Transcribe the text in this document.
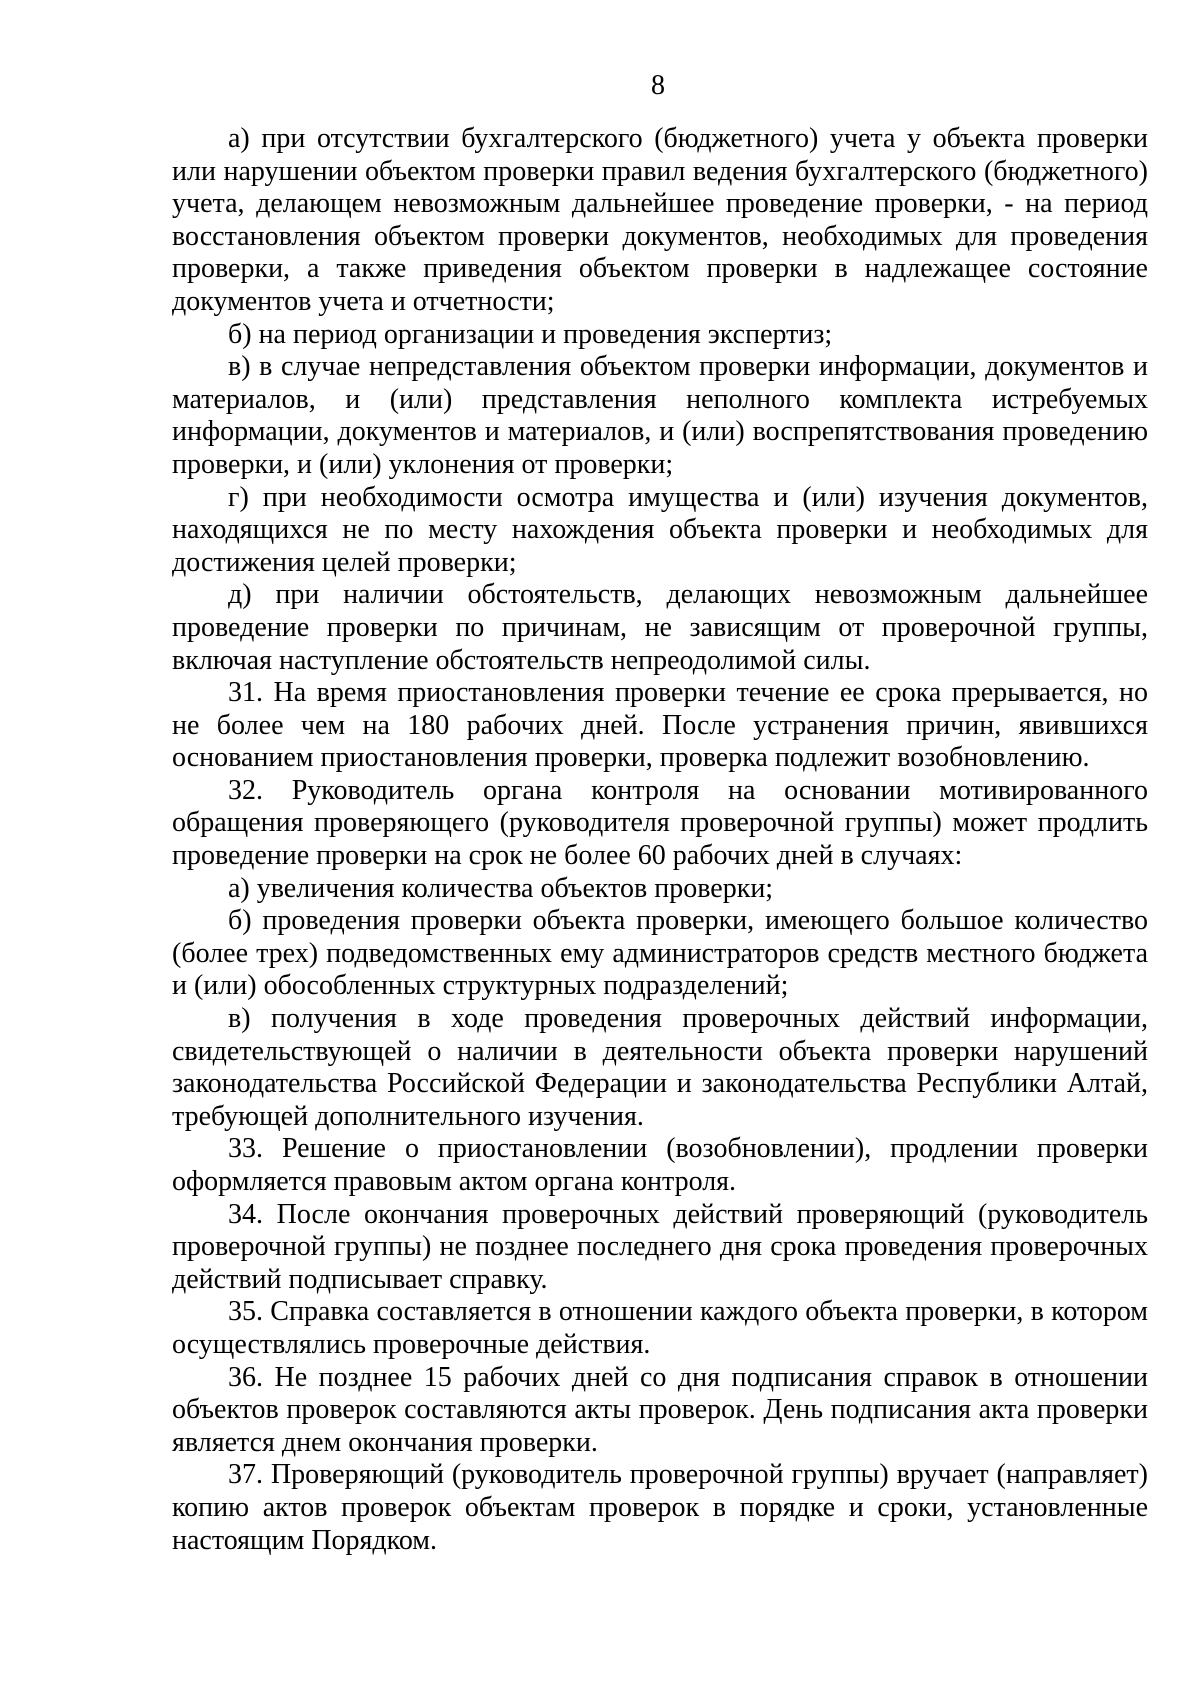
8

а) при отсутствии бухгалтерского (бюджетного) учета у объекта проверки или нарушении объектом проверки правил ведения бухгалтерского (бюджетного) учета, делающем невозможным дальнейшее проведение проверки, - на период восстановления объектом проверки документов, необходимых для проведения проверки, а также приведения объектом проверки в надлежащее состояние документов учета и отчетности;

б) на период организации и проведения экспертиз;

в) в случае непредставления объектом проверки информации, документов и материалов, и (или) представления неполного комплекта истребуемых информации, документов и материалов, и (или) воспрепятствования проведению проверки, и (или) уклонения от проверки;

г) при необходимости осмотра имущества и (или) изучения документов, находящихся не по месту нахождения объекта проверки и необходимых для достижения целей проверки;

д) при наличии обстоятельств, делающих невозможным дальнейшее проведение проверки по причинам, не зависящим от проверочной группы, включая наступление обстоятельств непреодолимой силы.

31. На время приостановления проверки течение ее срока прерывается, но не более чем на 180 рабочих дней. После устранения причин, явившихся основанием приостановления проверки, проверка подлежит возобновлению.

32. Руководитель органа контроля на основании мотивированного обращения проверяющего (руководителя проверочной группы) может продлить проведение проверки на срок не более 60 рабочих дней в случаях:

а) увеличения количества объектов проверки;

б) проведения проверки объекта проверки, имеющего большое количество (более трех) подведомственных ему администраторов средств местного бюджета и (или) обособленных структурных подразделений;

в) получения в ходе проведения проверочных действий информации, свидетельствующей о наличии в деятельности объекта проверки нарушений законодательства Российской Федерации и законодательства Республики Алтай, требующей дополнительного изучения.

33. Решение о приостановлении (возобновлении), продлении проверки оформляется правовым актом органа контроля.

34. После окончания проверочных действий проверяющий (руководитель проверочной группы) не позднее последнего дня срока проведения проверочных действий подписывает справку.

35. Справка составляется в отношении каждого объекта проверки, в котором осуществлялись проверочные действия.

36. Не позднее 15 рабочих дней со дня подписания справок в отношении объектов проверок составляются акты проверок. День подписания акта проверки является днем окончания проверки.

37. Проверяющий (руководитель проверочной группы) вручает (направляет) копию актов проверок объектам проверок в порядке и сроки, установленные настоящим Порядком.
